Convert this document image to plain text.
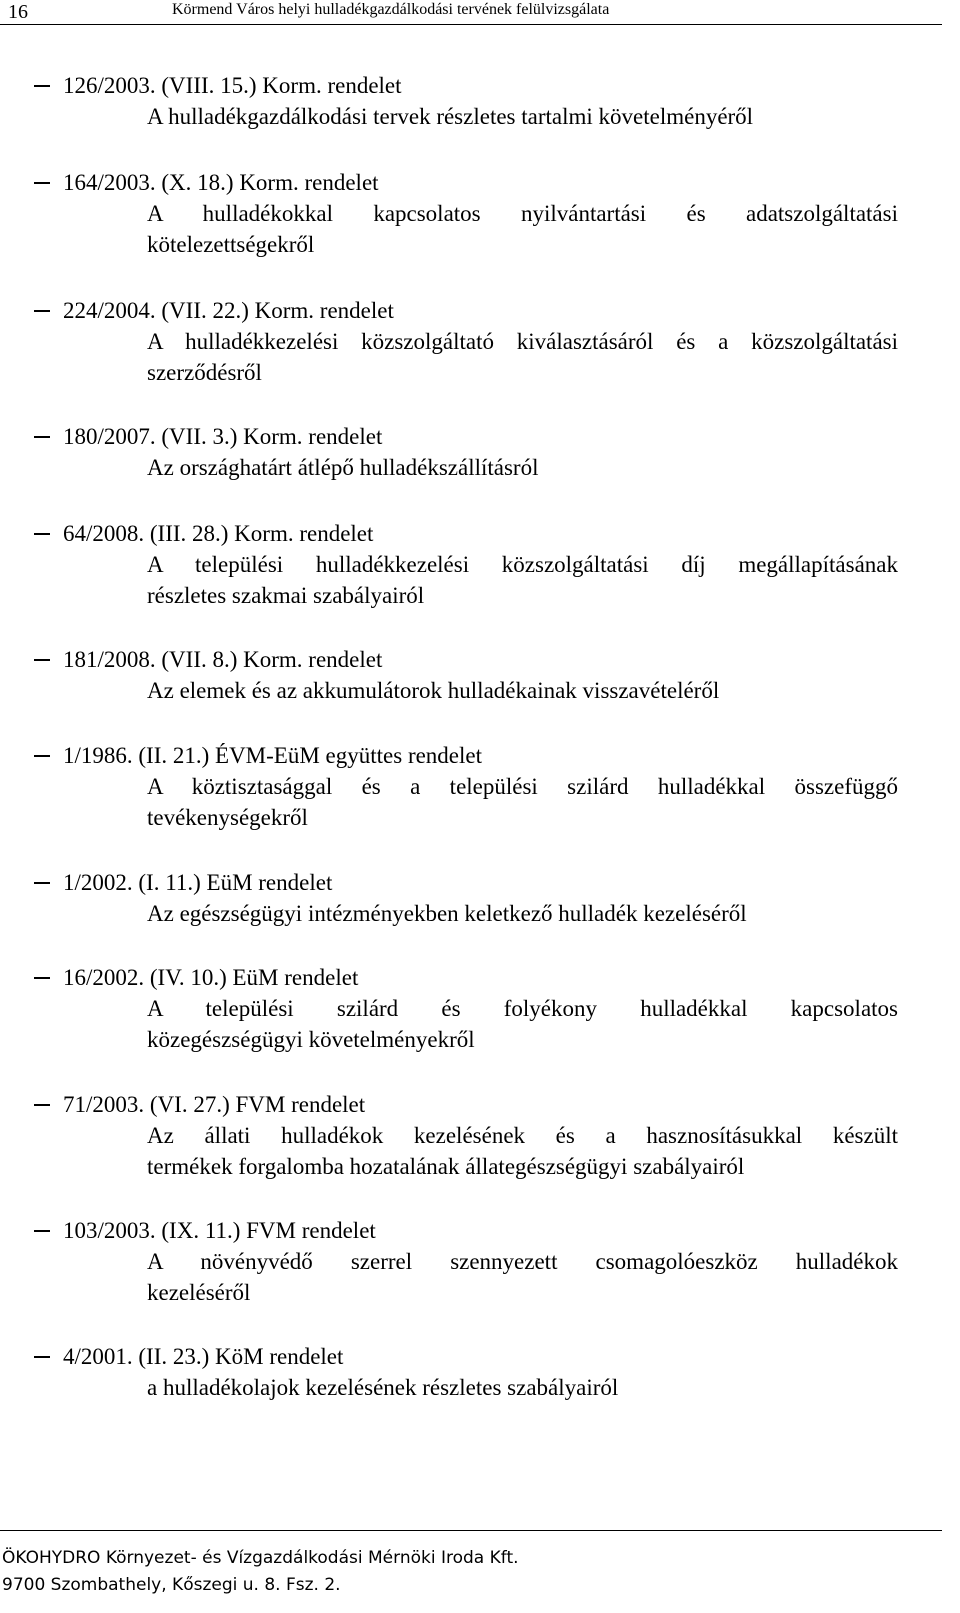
16	Körmend Város helyi hulladékgazdálkodási tervének felülvizsgálata
126/2003. (VIII. 15.) Korm. rendelet
A hulladékgazdálkodási tervek részletes tartalmi követelményéről
164/2003. (X. 18.) Korm. rendelet
A hulladékokkal kapcsolatos nyilvántartási és adatszolgáltatási
kötelezettségekről
224/2004. (VII. 22.) Korm. rendelet
A hulladékkezelési közszolgáltató kiválasztásáról és a közszolgáltatási
szerződésről
180/2007. (VII. 3.) Korm. rendelet
Az országhatárt átlépő hulladékszállításról
64/2008. (III. 28.) Korm. rendelet
A települési hulladékkezelési közszolgáltatási díj megállapításának
részletes szakmai szabályairól
181/2008. (VII. 8.) Korm. rendelet
Az elemek és az akkumulátorok hulladékainak visszavételéről
1/1986. (II. 21.) ÉVM-EüM együttes rendelet
A köztisztasággal és a települési szilárd hulladékkal összefüggő
tevékenységekről
1/2002. (I. 11.) EüM rendelet
Az egészségügyi intézményekben keletkező hulladék kezeléséről
16/2002. (IV. 10.) EüM rendelet
A települési szilárd és folyékony hulladékkal kapcsolatos
közegészségügyi követelményekről
71/2003. (VI. 27.) FVM rendelet
Az állati hulladékok kezelésének és a hasznosításukkal készült
termékek forgalomba hozatalának állategészségügyi szabályairól
103/2003. (IX. 11.) FVM rendelet
A növényvédő szerrel szennyezett csomagolóeszköz hulladékok
kezeléséről
4/2001. (II. 23.) KöM rendelet
a hulladékolajok kezelésének részletes szabályairól
ÖKOHYDRO Környezet- és Vízgazdálkodási Mérnöki Iroda Kft.
9700 Szombathely, Kőszegi u. 8. Fsz. 2.
